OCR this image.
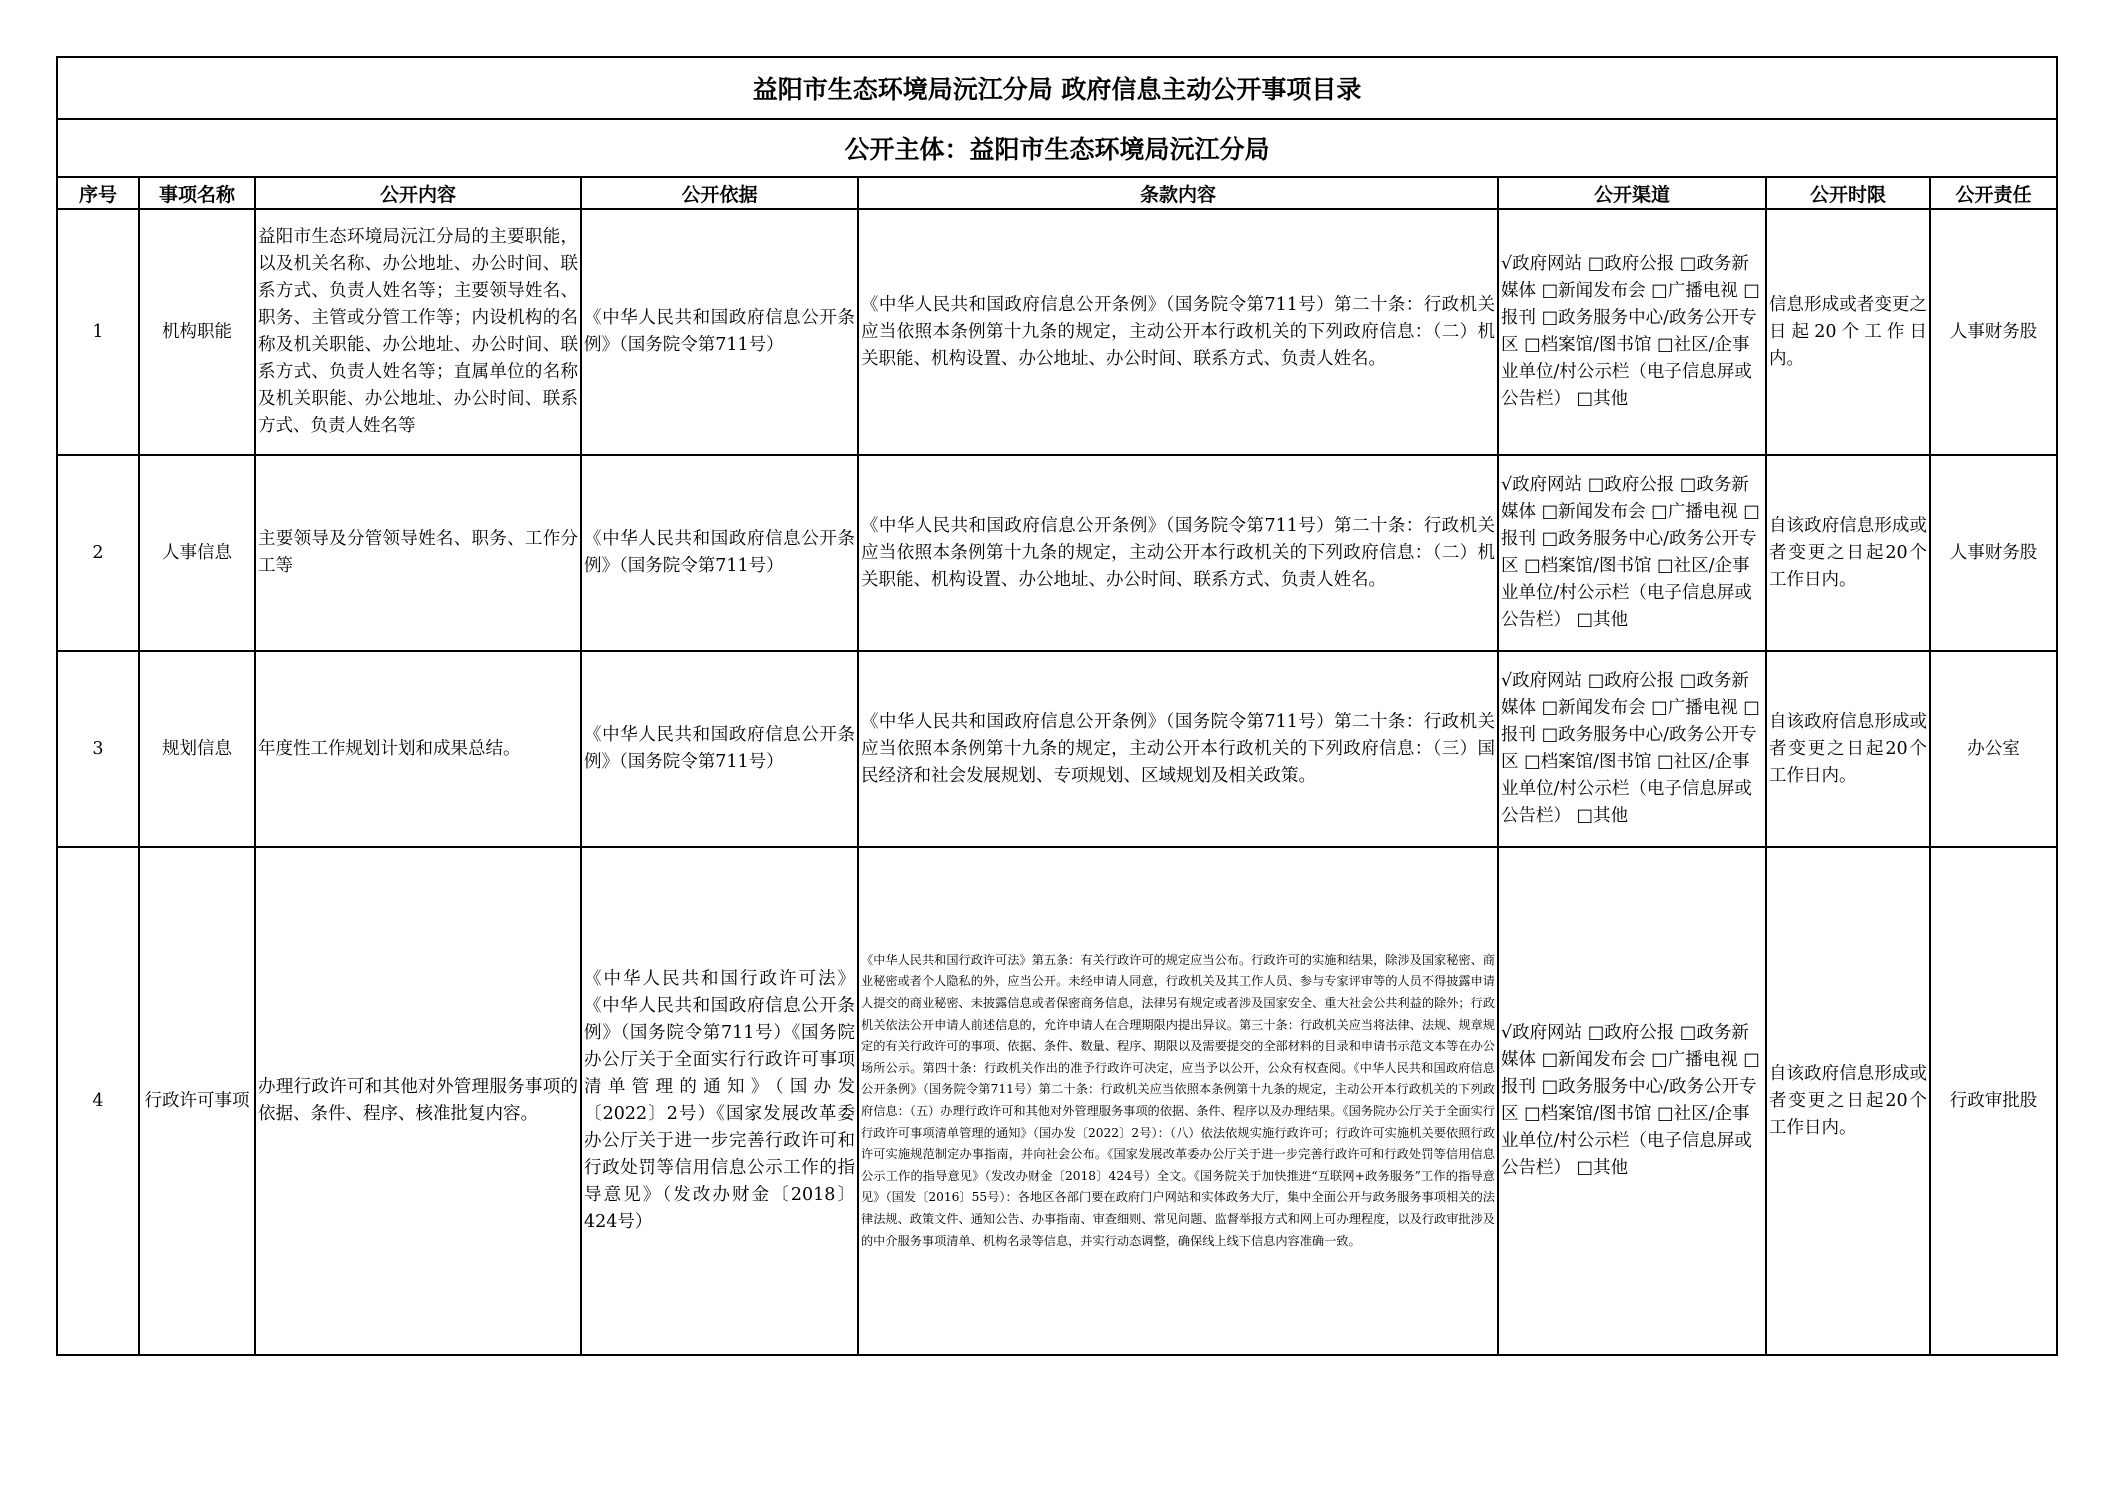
益阳市生态环境局沅江分局 政府信息主动公开事项目录							
公开主体：益阳市生态环境局沅江分局							
序号	事项名称	公开内容	公开依据	条款内容	公开渠道	公开时限	公开责任
1	机构职能	益阳市生态环境局沅江分局的主要职能，以及机关名称、办公地址、办公时间、联系方式、负责人姓名等；主要领导姓名、职务、主管或分管工作等；内设机构的名称及机关职能、办公地址、办公时间、联系方式、负责人姓名等；直属单位的名称及机关职能、办公地址、办公时间、联系方式、负责人姓名等	《中华人民共和国政府信息公开条例》（国务院令第711号）	《中华人民共和国政府信息公开条例》（国务院令第711号）第二十条：行政机关应当依照本条例第十九条的规定，主动公开本行政机关的下列政府信息：（二）机关职能、机构设置、办公地址、办公时间、联系方式、负责人姓名。	√政府网站 □政府公报 □政务新媒体 □新闻发布会 □广播电视 □报刊 □政务服务中心/政务公开专区 □档案馆/图书馆 □社区/企事业单位/村公示栏（电子信息屏或公告栏） □其他	信息形成或者变更之日起20个工作日内。	人事财务股
2	人事信息	主要领导及分管领导姓名、职务、工作分工等	《中华人民共和国政府信息公开条例》（国务院令第711号）	《中华人民共和国政府信息公开条例》（国务院令第711号）第二十条：行政机关应当依照本条例第十九条的规定，主动公开本行政机关的下列政府信息：（二）机关职能、机构设置、办公地址、办公时间、联系方式、负责人姓名。	√政府网站 □政府公报 □政务新媒体 □新闻发布会 □广播电视 □报刊 □政务服务中心/政务公开专区 □档案馆/图书馆 □社区/企事业单位/村公示栏（电子信息屏或公告栏） □其他	自该政府信息形成或者变更之日起20个工作日内。	人事财务股
3	规划信息	年度性工作规划计划和成果总结。	《中华人民共和国政府信息公开条例》（国务院令第711号）	《中华人民共和国政府信息公开条例》（国务院令第711号）第二十条：行政机关应当依照本条例第十九条的规定，主动公开本行政机关的下列政府信息：（三）国民经济和社会发展规划、专项规划、区域规划及相关政策。	√政府网站 □政府公报 □政务新媒体 □新闻发布会 □广播电视 □报刊 □政务服务中心/政务公开专区 □档案馆/图书馆 □社区/企事业单位/村公示栏（电子信息屏或公告栏） □其他	自该政府信息形成或者变更之日起20个工作日内。	办公室
4	行政许可事项	办理行政许可和其他对外管理服务事项的依据、条件、程序、核准批复内容。	《中华人民共和国行政许可法》《中华人民共和国政府信息公开条例》（国务院令第711号）《国务院办公厅关于全面实行行政许可事项清单管理的通知》（国办发〔2022〕2号）《国家发展改革委办公厅关于进一步完善行政许可和行政处罚等信用信息公示工作的指导意见》（发改办财金〔2018〕424号）	《中华人民共和国行政许可法》第五条：有关行政许可的规定应当公布。行政许可的实施和结果，除涉及国家秘密、商业秘密或者个人隐私的外，应当公开。未经申请人同意，行政机关及其工作人员、参与专家评审等的人员不得披露申请人提交的商业秘密、未披露信息或者保密商务信息，法律另有规定或者涉及国家安全、重大社会公共利益的除外；行政机关依法公开申请人前述信息的，允许申请人在合理期限内提出异议。第三十条：行政机关应当将法律、法规、规章规定的有关行政许可的事项、依据、条件、数量、程序、期限以及需要提交的全部材料的目录和申请书示范文本等在办公场所公示。第四十条：行政机关作出的准予行政许可决定，应当予以公开，公众有权查阅。《中华人民共和国政府信息公开条例》（国务院令第711号）第二十条：行政机关应当依照本条例第十九条的规定，主动公开本行政机关的下列政府信息：（五）办理行政许可和其他对外管理服务事项的依据、条件、程序以及办理结果。《国务院办公厅关于全面实行行政许可事项清单管理的通知》（国办发〔2022〕2号）：（八）依法依规实施行政许可；行政许可实施机关要依照行政许可实施规范制定办事指南，并向社会公布。《国家发展改革委办公厅关于进一步完善行政许可和行政处罚等信用信息公示工作的指导意见》（发改办财金〔2018〕424号）全文。《国务院关于加快推进“互联网+政务服务”工作的指导意见》（国发〔2016〕55号）：各地区各部门要在政府门户网站和实体政务大厅，集中全面公开与政务服务事项相关的法律法规、政策文件、通知公告、办事指南、审查细则、常见问题、监督举报方式和网上可办理程度，以及行政审批涉及的中介服务事项清单、机构名录等信息，并实行动态调整，确保线上线下信息内容准确一致。	√政府网站 □政府公报 □政务新媒体 □新闻发布会 □广播电视 □报刊 □政务服务中心/政务公开专区 □档案馆/图书馆 □社区/企事业单位/村公示栏（电子信息屏或公告栏） □其他	自该政府信息形成或者变更之日起20个工作日内。	行政审批股
